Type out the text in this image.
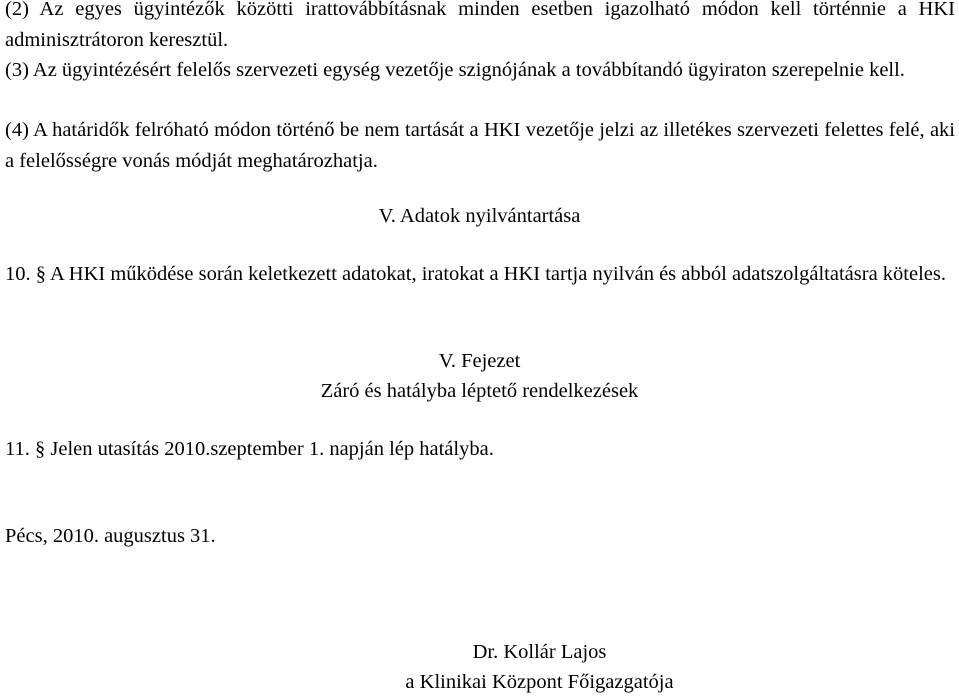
(2) Az egyes ügyintézők közötti irattovábbításnak minden esetben igazolható módon kell történnie a HKI adminisztrátoron keresztül.

(3) Az ügyintézésért felelős szervezeti egység vezetője szignójának a továbbítandó ügyiraton szerepelnie kell.

(4) A határidők felróható módon történő be nem tartását a HKI vezetője jelzi az illetékes szervezeti felettes felé, aki a felelősségre vonás módját meghatározhatja.

V. Adatok nyilvántartása

10. § A HKI működése során keletkezett adatokat, iratokat a HKI tartja nyilván és abból adatszolgáltatásra köteles.

V. Fejezet

Záró és hatályba léptető rendelkezések

11. § Jelen utasítás 2010.szeptember 1. napján lép hatályba.

Pécs, 2010. augusztus 31.

Dr. Kollár Lajos

a Klinikai Központ Főigazgatója
